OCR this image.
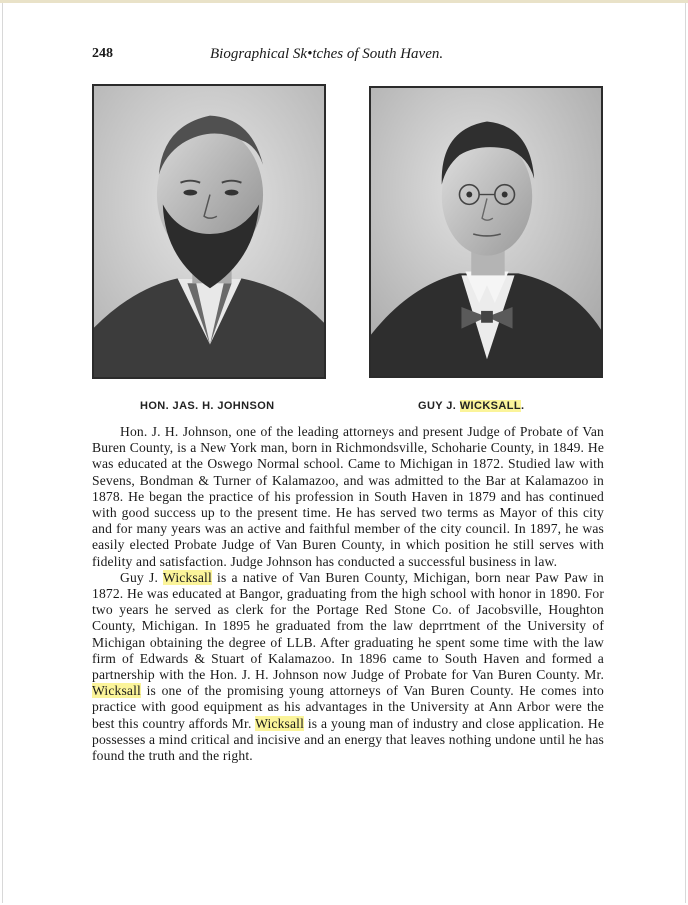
248	Biographical Sk•tches of South Haven.
HON. JAS. H. JOHNSON	GUY J. WICKSALL.

Hon. J. H. Johnson, one of the leading attorneys and present Judge of Probate of Van Buren County, is a New York man, born in Richmondsville, Schoharie County, in 1849. He was educated at the Oswego Normal ѕchool. Came to Michigan in 1872. Studied law with Sevens, Bondman & Turner of Kalamazoo, and was admitted to the Bar at Kalamazoo in 1878. He began the practice of his profession in South Haven in 1879 and has continued with good success up to the present time. He has served two terms as Mayor of this city and for many years was an active and faithful member of the city council. In 1897, he was easily elected Probate Judge of Van Buren County, in which position he still serves with fidelity and satisfaction. Judge Johnson has conducted a successful business in law.

Guy J. Wicksall is a native of Van Buren County, Michigan, born near Paw Paw in 1872. He was educated at Bangor, graduating from the high school with honor in 1890. For two years he served as clerk for the Portage Red Stone Co. of Jacobsville, Houghton County, Michigan. In 1895 he graduated from the law deprrtment of the University of Michigan obtaining the degree of LLB. After graduating he spent some time with the law firm of Edwards & Stuart of Kalamazoo. In 1896 came to South Haven and formed a partnership with the Hon. J. H. Johnson now Judge of Probate for Van Buren County. Mr. Wicksall is one of the promising young attorneys of Van Buren County. He comes into practice with good equipment as his advantages in the University at Ann Arbor were the best this country affords Mr. Wicksall is a young man of industry and close application. He possesses a mind critical and incisive and an energy that leaves nothing undone until he has found the truth and the right.
